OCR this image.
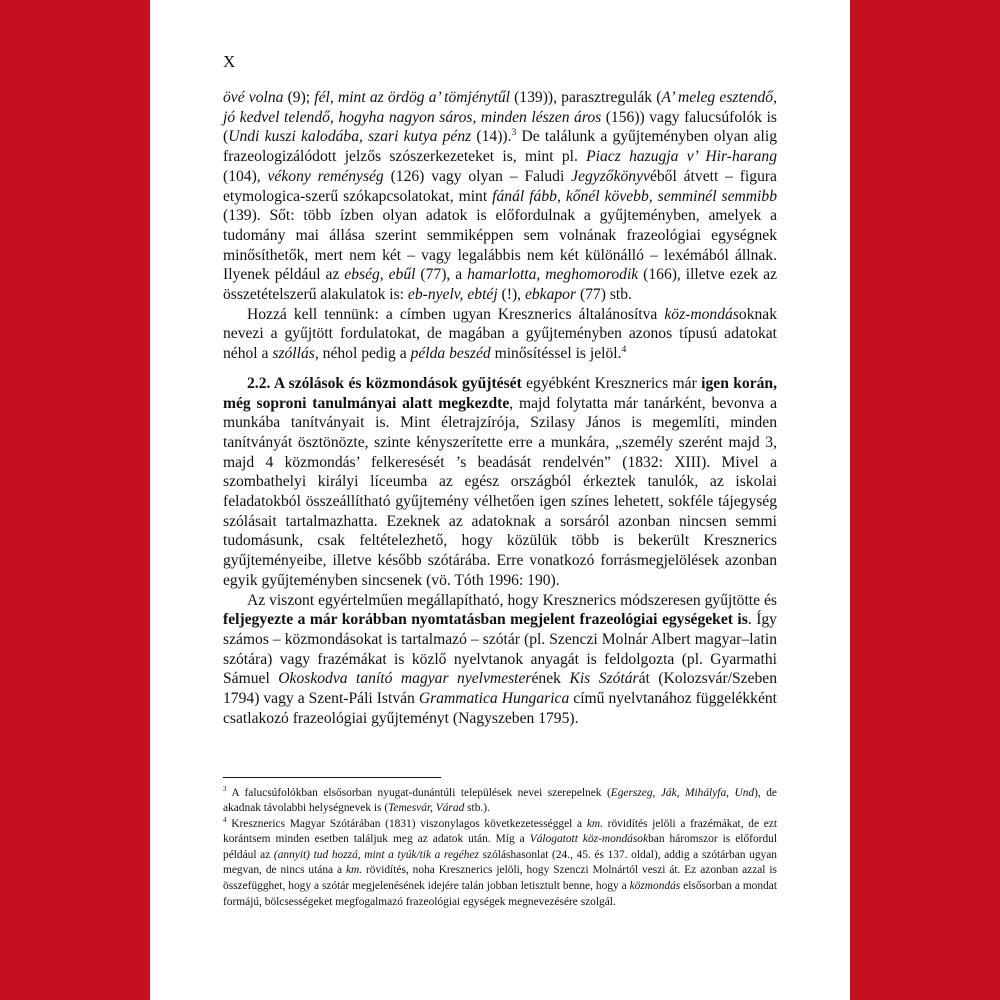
X

övé volna (9); fél, mint az ördög a’ tömjénytűl (139)), parasztregulák (A’ meleg esztendő, jó kedvel telendő, hogyha nagyon sáros, minden lészen áros (156)) vagy falucsúfolók is (Undi kuszi kalodába, szari kutya pénz (14)).$^3$ De találunk a gyűjteményben olyan alig frazeologizálódott jelzős szószerkezeteket is, mint pl. Piacz hazugja v’ Hir-harang (104), vékony reménység (126) vagy olyan – Faludi Jegyzőkönyvéből átvett – figura etymologica-szerű szókapcsolatokat, mint fánál fább, kőnél kövebb, semminél semmibb (139). Sőt: több ízben olyan adatok is előfordulnak a gyűjteményben, amelyek a tudomány mai állása szerint semmiképpen sem volnának frazeológiai egységnek minősíthetők, mert nem két – vagy legalábbis nem két különálló – lexémából állnak. Ilyenek például az ebség, ebűl (77), a hamarlotta, meghomorodik (166), illetve ezek az összetételszerű alakulatok is: eb-nyelv, ebtéj (!), ebkapor (77) stb.

Hozzá kell tennünk: a címben ugyan Kresznerics általánosítva köz-mondásoknak nevezi a gyűjtött fordulatokat, de magában a gyűjteményben azonos típusú adatokat néhol a szóllás, néhol pedig a példa beszéd minősítéssel is jelöl.$^4$

2.2. A szólások és közmondások gyűjtését egyébként Kresznerics már igen korán, még soproni tanulmányai alatt megkezdte, majd folytatta már tanárként, bevonva a munkába tanítványait is. Mint életrajzírója, Szilasy János is megemlíti, minden tanítványát ösztönözte, szinte kényszerítette erre a munkára, „személy szerént majd 3, majd 4 közmondás’ felkeresését ’s beadását rendelvén” (1832: XIII). Mivel a szombathelyi királyi líceumba az egész országból érkeztek tanulók, az iskolai feladatokból összeállítható gyűjtemény vélhetően igen színes lehetett, sokféle tájegység szólásait tartalmazhatta. Ezeknek az adatoknak a sorsáról azonban nincsen semmi tudomásunk, csak feltételezhető, hogy közülük több is bekerült Kresznerics gyűjteményeibe, illetve később szótárába. Erre vonatkozó forrásmegjelölések azonban egyik gyűjteményben sincsenek (vö. Tóth 1996: 190).

Az viszont egyértelműen megállapítható, hogy Kresznerics módszeresen gyűjtötte és feljegyezte a már korábban nyomtatásban megjelent frazeológiai egységeket is. Így számos – közmondásokat is tartalmazó – szótár (pl. Szenczi Molnár Albert magyar–latin szótára) vagy frazémákat is közlő nyelvtanok anyagát is feldolgozta (pl. Gyarmathi Sámuel Okoskodva tanító magyar nyelvmesterének Kis Szótárát (Kolozsvár/Szeben 1794) vagy a Szent-Páli István Grammatica Hungarica című nyelvtanához függelékként csatlakozó frazeológiai gyűjteményt (Nagyszeben 1795).

$^3$ A falucsúfolókban elsősorban nyugat-dunántúli települések nevei szerepelnek (Egerszeg, Ják, Mihályfa, Und), de akadnak távolabbi helységnevek is (Temesvár, Várad stb.).

$^4$ Kresznerics Magyar Szótárában (1831) viszonylagos következetességgel a km. rövidítés jelöli a frazémákat, de ezt korántsem minden esetben találjuk meg az adatok után. Míg a Válogatott köz-mondásokban háromszor is előfordul például az (annyit) tud hozzá, mint a tyúk/tik a regéhez szóláshasonlat (24., 45. és 137. oldal), addig a szótárban ugyan megvan, de nincs utána a km. rövidítés, noha Kresznerics jelöli, hogy Szenczi Molnártól veszi át. Ez azonban azzal is összefügghet, hogy a szótár megjelenésének idejére talán jobban letisztult benne, hogy a közmondás elsősorban a mondat formájú, bölcsességeket megfogalmazó frazeológiai egységek megnevezésére szolgál.
